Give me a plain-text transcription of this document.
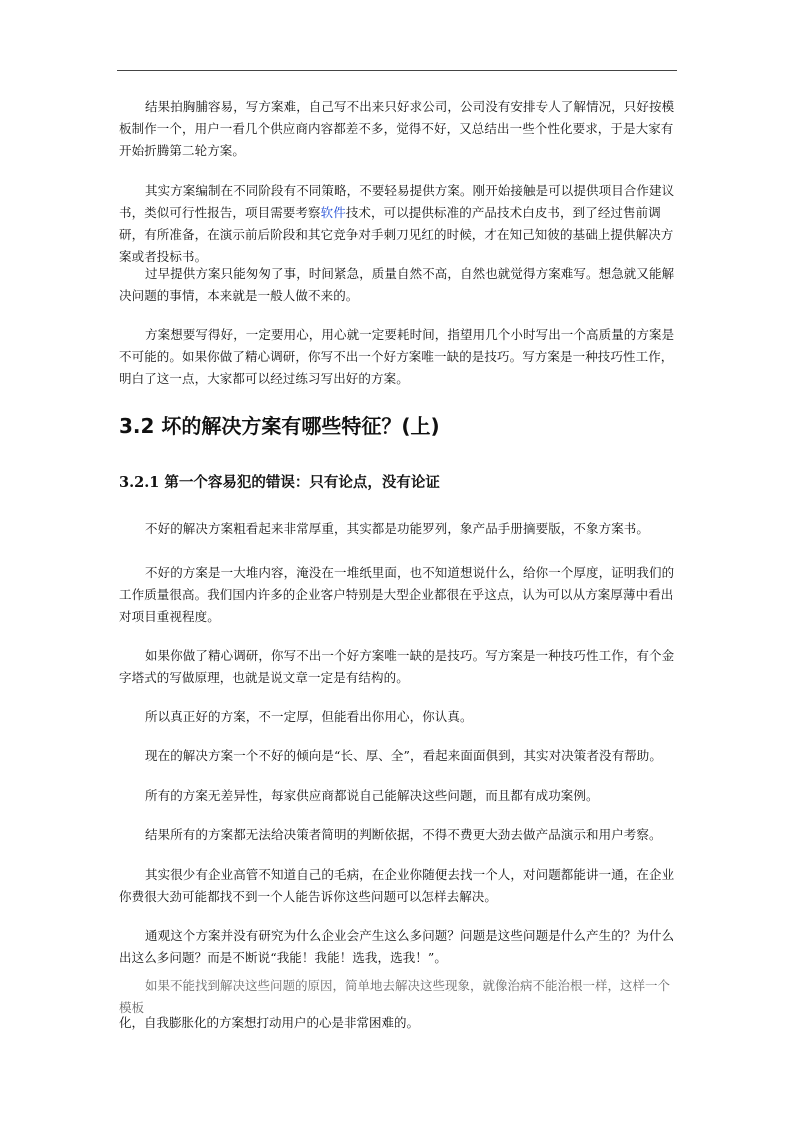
结果拍胸脯容易，写方案难，自己写不出来只好求公司，公司没有安排专人了解情况，只好按模板制作一个，用户一看几个供应商内容都差不多，觉得不好，又总结出一些个性化要求，于是大家有开始折腾第二轮方案。

其实方案编制在不同阶段有不同策略，不要轻易提供方案。刚开始接触是可以提供项目合作建议书，类似可行性报告，项目需要考察软件技术，可以提供标准的产品技术白皮书，到了经过售前调研，有所准备，在演示前后阶段和其它竞争对手刺刀见红的时候，才在知己知彼的基础上提供解决方案或者投标书。

过早提供方案只能匆匆了事，时间紧急，质量自然不高，自然也就觉得方案难写。想急就又能解决问题的事情，本来就是一般人做不来的。

方案想要写得好，一定要用心，用心就一定要耗时间，指望用几个小时写出一个高质量的方案是不可能的。如果你做了精心调研，你写不出一个好方案唯一缺的是技巧。写方案是一种技巧性工作，明白了这一点，大家都可以经过练习写出好的方案。

3.2 坏的解决方案有哪些特征？(上)
3.2.1 第一个容易犯的错误：只有论点，没有论证

不好的解决方案粗看起来非常厚重，其实都是功能罗列，象产品手册摘要版，不象方案书。

不好的方案是一大堆内容，淹没在一堆纸里面，也不知道想说什么，给你一个厚度，证明我们的工作质量很高。我们国内许多的企业客户特别是大型企业都很在乎这点，认为可以从方案厚薄中看出对项目重视程度。

如果你做了精心调研，你写不出一个好方案唯一缺的是技巧。写方案是一种技巧性工作，有个金字塔式的写做原理，也就是说文章一定是有结构的。

所以真正好的方案，不一定厚，但能看出你用心，你认真。

现在的解决方案一个不好的倾向是“长、厚、全”，看起来面面俱到，其实对决策者没有帮助。

所有的方案无差异性，每家供应商都说自己能解决这些问题，而且都有成功案例。

结果所有的方案都无法给决策者简明的判断依据，不得不费更大劲去做产品演示和用户考察。

其实很少有企业高管不知道自己的毛病，在企业你随便去找一个人，对问题都能讲一通，在企业你费很大劲可能都找不到一个人能告诉你这些问题可以怎样去解决。

通观这个方案并没有研究为什么企业会产生这么多问题？问题是这些问题是什么产生的？为什么出这么多问题？而是不断说“我能！我能！选我，选我！”。

如果不能找到解决这些问题的原因，简单地去解决这些现象，就像治病不能治根一样，这样一个模板

化，自我膨胀化的方案想打动用户的心是非常困难的。
